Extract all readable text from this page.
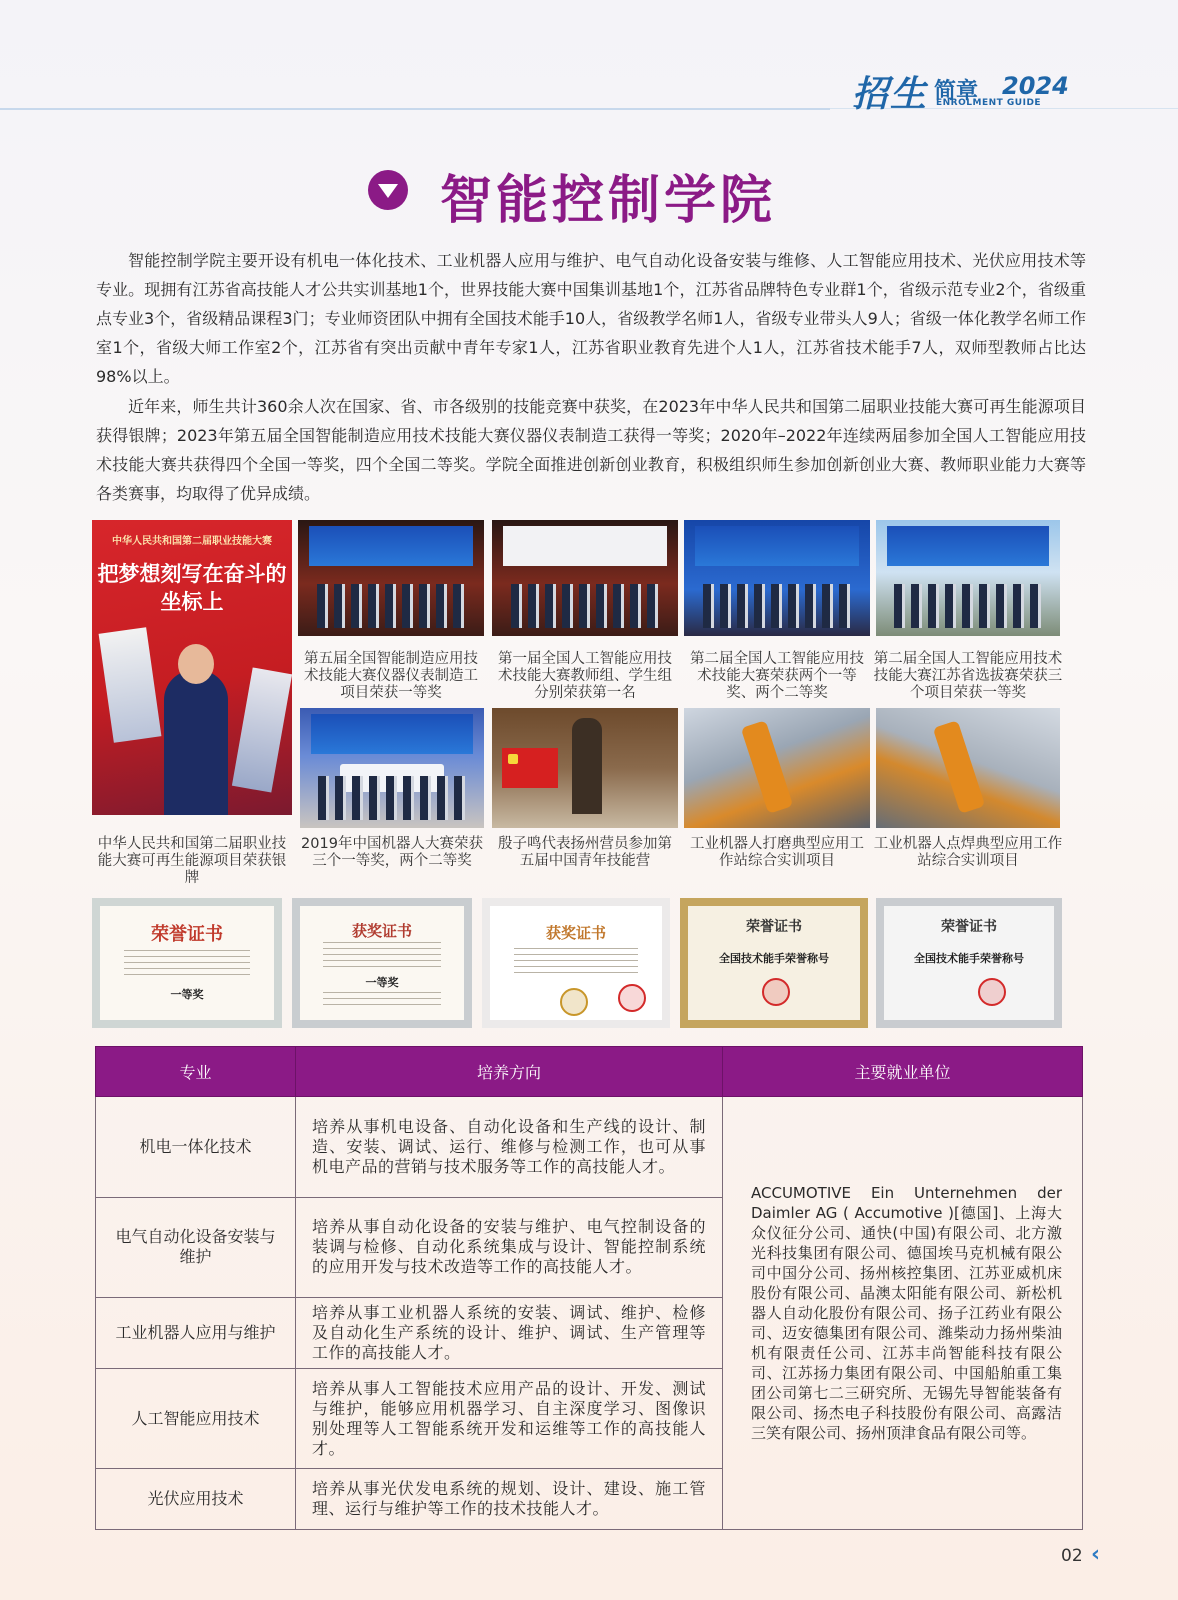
招生 简章 2024
ENROLMENT GUIDE
智能控制学院

智能控制学院主要开设有机电一体化技术、工业机器人应用与维护、电气自动化设备安装与维修、人工智能应用技术、光伏应用技术等专业。现拥有江苏省高技能人才公共实训基地1个，世界技能大赛中国集训基地1个，江苏省品牌特色专业群1个，省级示范专业2个，省级重点专业3个，省级精品课程3门；专业师资团队中拥有全国技术能手10人，省级教学名师1人，省级专业带头人9人；省级一体化教学名师工作室1个，省级大师工作室2个，江苏省有突出贡献中青年专家1人，江苏省职业教育先进个人1人，江苏省技术能手7人，双师型教师占比达98%以上。

近年来，师生共计360余人次在国家、省、市各级别的技能竞赛中获奖，在2023年中华人民共和国第二届职业技能大赛可再生能源项目获得银牌；2023年第五届全国智能制造应用技术技能大赛仪器仪表制造工获得一等奖；2020年–2022年连续两届参加全国人工智能应用技术技能大赛共获得四个全国一等奖，四个全国二等奖。学院全面推进创新创业教育，积极组织师生参加创新创业大赛、教师职业能力大赛等各类赛事，均取得了优异成绩。

中华人民共和国第二届职业技能大赛
把梦想刻写在奋斗的坐标上
中华人民共和国第二届职业技能大赛可再生能源项目荣获银牌
第五届全国智能制造应用技术技能大赛仪器仪表制造工项目荣获一等奖
第一届全国人工智能应用技术技能大赛教师组、学生组分别荣获第一名
第二届全国人工智能应用技术技能大赛荣获两个一等奖、两个二等奖
第二届全国人工智能应用技术技能大赛江苏省选拔赛荣获三个项目荣获一等奖
2019年中国机器人大赛荣获三个一等奖，两个二等奖
殷子鸣代表扬州营员参加第五届中国青年技能营
工业机器人打磨典型应用工作站综合实训项目
工业机器人点焊典型应用工作站综合实训项目
荣誉证书
一等奖
获奖证书
一等奖
获奖证书	荣誉证书
全国技术能手荣誉称号
荣誉证书
全国技术能手荣誉称号
专业	培养方向	主要就业单位
机电一体化技术	培养从事机电设备、自动化设备和生产线的设计、制造、安装、调试、运行、维修与检测工作，也可从事机电产品的营销与技术服务等工作的高技能人才。	ACCUMOTIVE Ein Unternehmen der Daimler AG ( Accumotive )[德国]、上海大众仪征分公司、通快(中国)有限公司、北方激光科技集团有限公司、德国埃马克机械有限公司中国分公司、扬州核控集团、江苏亚威机床股份有限公司、晶澳太阳能有限公司、新松机器人自动化股份有限公司、扬子江药业有限公司、迈安德集团有限公司、潍柴动力扬州柴油机有限责任公司、江苏丰尚智能科技有限公司、江苏扬力集团有限公司、中国船舶重工集团公司第七二三研究所、无锡先导智能装备有限公司、扬杰电子科技股份有限公司、高露洁三笑有限公司、扬州顶津食品有限公司等。
电气自动化设备安装与维护	培养从事自动化设备的安装与维护、电气控制设备的装调与检修、自动化系统集成与设计、智能控制系统的应用开发与技术改造等工作的高技能人才。	
工业机器人应用与维护	培养从事工业机器人系统的安装、调试、维护、检修及自动化生产系统的设计、维护、调试、生产管理等工作的高技能人才。	
人工智能应用技术	培养从事人工智能技术应用产品的设计、开发、测试与维护，能够应用机器学习、自主深度学习、图像识别处理等人工智能系统开发和运维等工作的高技能人才。	
光伏应用技术	培养从事光伏发电系统的规划、设计、建设、施工管理、运行与维护等工作的技术技能人才。	
02 ‹
